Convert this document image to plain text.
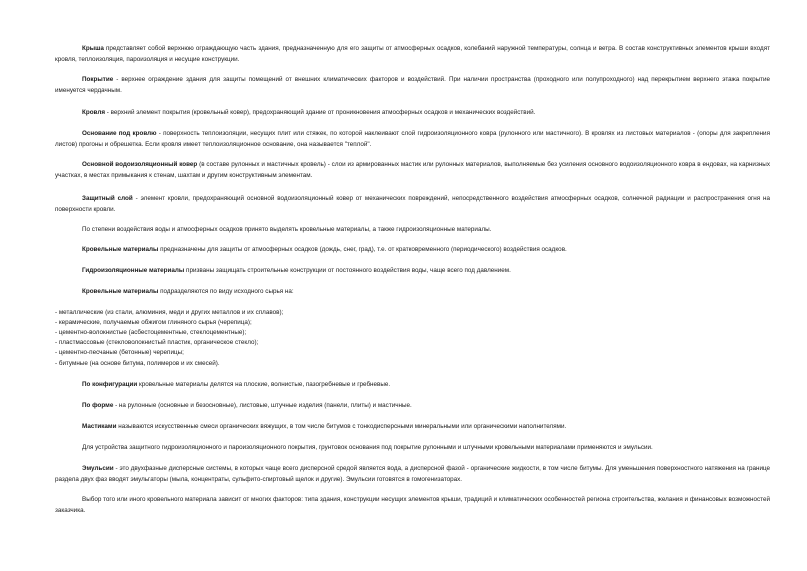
Крыша представляет собой верхнюю ограждающую часть здания, предназначенную для его защиты от атмосферных осадков, колебаний наружной температуры, солнца и ветра. В состав конструктивных элементов крыши входят кровля, теплоизоляция, пароизоляция и несущие конструкции.

Покрытие - верхнее ограждение здания для защиты помещений от внешних климатических факторов и воздействий. При наличии пространства (проходного или полупроходного) над перекрытием верхнего этажа покрытие именуется чердачным.

Кровля - верхний элемент покрытия (кровельный ковер), предохраняющий здание от проникновения атмосферных осадков и механических воздействий.

Основание под кровлю - поверхность теплоизоляции, несущих плит или стяжек, по которой наклеивают слой гидроизоляционного ковра (рулонного или мастичного). В кровлях из листовых материалов - (опоры для закрепления листов) прогоны и обрешетка. Если кровля имеет теплоизоляционное основание, она называется "теплой".

Основной водоизоляционный ковер (в составе рулонных и мастичных кровель) - слои из армированных мастик или рулонных материалов, выполняемые без усиления основного водоизоляционного ковра в ендовах, на карнизных участках, в местах примыкания к стенам, шахтам и другим конструктивным элементам.

Защитный слой - элемент кровли, предохраняющий основной водоизоляционный ковер от механических повреждений, непосредственного воздействия атмосферных осадков, солнечной радиации и распространения огня на поверхности кровли.

По степени воздействия воды и атмосферных осадков принято выделять кровельные материалы, а также гидроизоляционные материалы.

Кровельные материалы предназначены для защиты от атмосферных осадков (дождь, снег, град), т.е. от кратковременного (периодического) воздействия осадков.

Гидроизоляционные материалы призваны защищать строительные конструкции от постоянного воздействия воды, чаще всего под давлением.

Кровельные материалы подразделяются по виду исходного сырья на:

- металлические (из стали, алюминия, меди и других металлов и их сплавов);

- керамические, получаемые обжигом глиняного сырья (черепица);

- цементно-волокнистые (асбестоцементные, стеклоцементные);

- пластмассовые (стекловолокнистый пластик, органическое стекло);

- цементно-песчаные (бетонные) черепицы;

- битумные (на основе битума, полимеров и их смесей).

По конфигурации кровельные материалы делятся на плоские, волнистые, пазогребневые и гребневые.

По форме - на рулонные (основные и безосновные), листовые, штучные изделия (панели, плиты) и мастичные.

Мастиками называются искусственные смеси органических вяжущих, в том числе битумов с тонкодисперсными минеральными или органическими наполнителями.

Для устройства защитного гидроизоляционного и пароизоляционного покрытия, грунтовок основания под покрытие рулонными и штучными кровельными материалами применяются и эмульсии.

Эмульсии - это двухфазные дисперсные системы, в которых чаще всего дисперсной средой является вода, а дисперсной фазой - органические жидкости, в том числе битумы. Для уменьшения поверхностного натяжения на границе раздела двух фаз вводят эмульгаторы (мыла, концентраты, сульфито-спиртовый щелок и другие). Эмульсии готовятся в гомогенизаторах.

Выбор того или иного кровельного материала зависит от многих факторов: типа здания, конструкции несущих элементов крыши, традиций и климатических особенностей региона строительства, желания и финансовых возможностей заказчика.
